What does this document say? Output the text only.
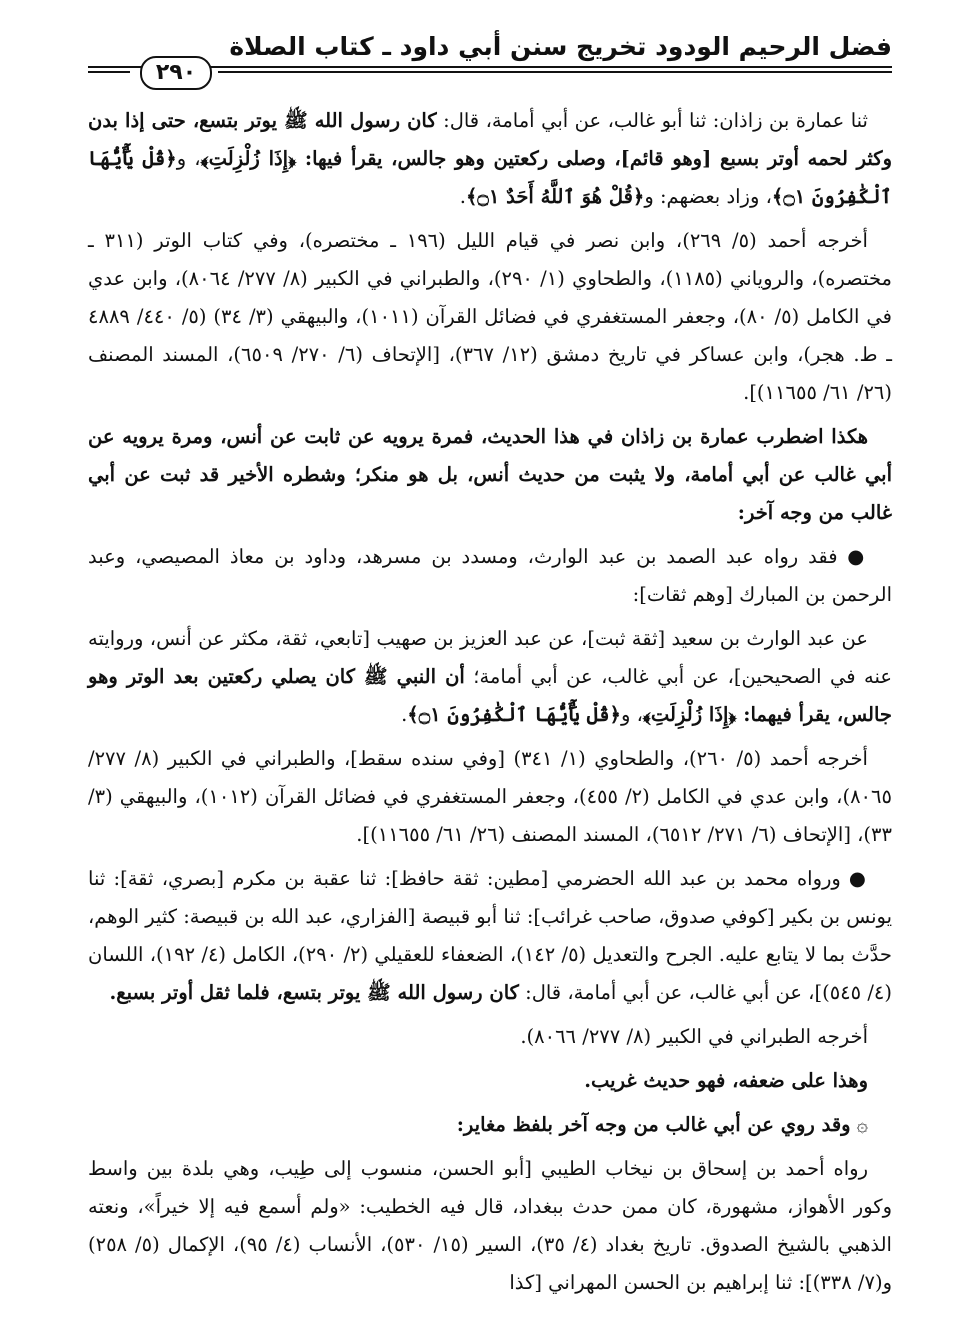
فضل الرحيم الودود تخريج سنن أبي داود ـ كتاب الصلاة
٢٩٠

ثنا عمارة بن زاذان: ثنا أبو غالب، عن أبي أمامة، قال: كان رسول الله ﷺ يوتر بتسع، حتى إذا بدن وكثر لحمه أوتر بسبع [وهو قائم]، وصلى ركعتين وهو جالس، يقرأ فيها: ﴿إِذَا زُلْزِلَتِ﴾، و﴿قُلْ يَٰٓأَيُّهَا ٱلْكَٰفِرُونَ ۝١﴾، وزاد بعضهم: و﴿قُلْ هُوَ ٱللَّهُ أَحَدٌ ۝١﴾.

أخرجه أحمد (٥/ ٢٦٩)، وابن نصر في قيام الليل (١٩٦ ـ مختصره)، وفي كتاب الوتر (٣١١ ـ مختصره)، والروياني (١١٨٥)، والطحاوي (١/ ٢٩٠)، والطبراني في الكبير (٨/ ٢٧٧/ ٨٠٦٤)، وابن عدي في الكامل (٥/ ٨٠)، وجعفر المستغفري في فضائل القرآن (١٠١١)، والبيهقي (٣/ ٣٤) (٥/ ٤٤٠/ ٤٨٨٩ ـ ط. هجر)، وابن عساكر في تاريخ دمشق (١٢/ ٣٦٧)، [الإتحاف (٦/ ٢٧٠/ ٦٥٠٩)، المسند المصنف (٢٦/ ٦١/ ١١٦٥٥)].

هكذا اضطرب عمارة بن زاذان في هذا الحديث، فمرة يرويه عن ثابت عن أنس، ومرة يرويه عن أبي غالب عن أبي أمامة، ولا يثبت من حديث أنس، بل هو منكر؛ وشطره الأخير قد ثبت عن أبي غالب من وجه آخر:

●فقد رواه عبد الصمد بن عبد الوارث، ومسدد بن مسرهد، وداود بن معاذ المصيصي، وعبد الرحمن بن المبارك [وهم ثقات]:

عن عبد الوارث بن سعيد [ثقة ثبت]، عن عبد العزيز بن صهيب [تابعي، ثقة، مكثر عن أنس، وروايته عنه في الصحيحين]، عن أبي غالب، عن أبي أمامة؛ أن النبي ﷺ كان يصلي ركعتين بعد الوتر وهو جالس، يقرأ فيهما: ﴿إِذَا زُلْزِلَتِ﴾، و﴿قُلْ يَٰٓأَيُّهَا ٱلْكَٰفِرُونَ ۝١﴾.

أخرجه أحمد (٥/ ٢٦٠)، والطحاوي (١/ ٣٤١) [وفي سنده سقط]، والطبراني في الكبير (٨/ ٢٧٧/ ٨٠٦٥)، وابن عدي في الكامل (٢/ ٤٥٥)، وجعفر المستغفري في فضائل القرآن (١٠١٢)، والبيهقي (٣/ ٣٣)، [الإتحاف (٦/ ٢٧١/ ٦٥١٢)، المسند المصنف (٢٦/ ٦١/ ١١٦٥٥)].

●ورواه محمد بن عبد الله الحضرمي [مطين: ثقة حافظ]: ثنا عقبة بن مكرم [بصري، ثقة]: ثنا يونس بن بكير [كوفي صدوق، صاحب غرائب]: ثنا أبو قبيصة [الفزاري، عبد الله بن قبيصة: كثير الوهم، حدَّث بما لا يتابع عليه. الجرح والتعديل (٥/ ١٤٢)، الضعفاء للعقيلي (٢/ ٢٩٠)، الكامل (٤/ ١٩٢)، اللسان (٤/ ٥٤٥)]، عن أبي غالب، عن أبي أمامة، قال: كان رسول الله ﷺ يوتر بتسع، فلما ثقل أوتر بسبع.

أخرجه الطبراني في الكبير (٨/ ٢٧٧/ ٨٠٦٦).

وهذا على ضعفه، فهو حديث غريب.

۞وقد روي عن أبي غالب من وجه آخر بلفظ مغاير:

رواه أحمد بن إسحاق بن نيخاب الطيبي [أبو الحسن، منسوب إلى طِيب، وهي بلدة بين واسط وكور الأهواز، مشهورة، كان ممن حدث ببغداد، قال فيه الخطيب: «ولم أسمع فيه إلا خيراً»، ونعته الذهبي بالشيخ الصدوق. تاريخ بغداد (٤/ ٣٥)، السير (١٥/ ٥٣٠)، الأنساب (٤/ ٩٥)، الإكمال (٥/ ٢٥٨) و(٧/ ٣٣٨)]: ثنا إبراهيم بن الحسن المهراني [كذا
